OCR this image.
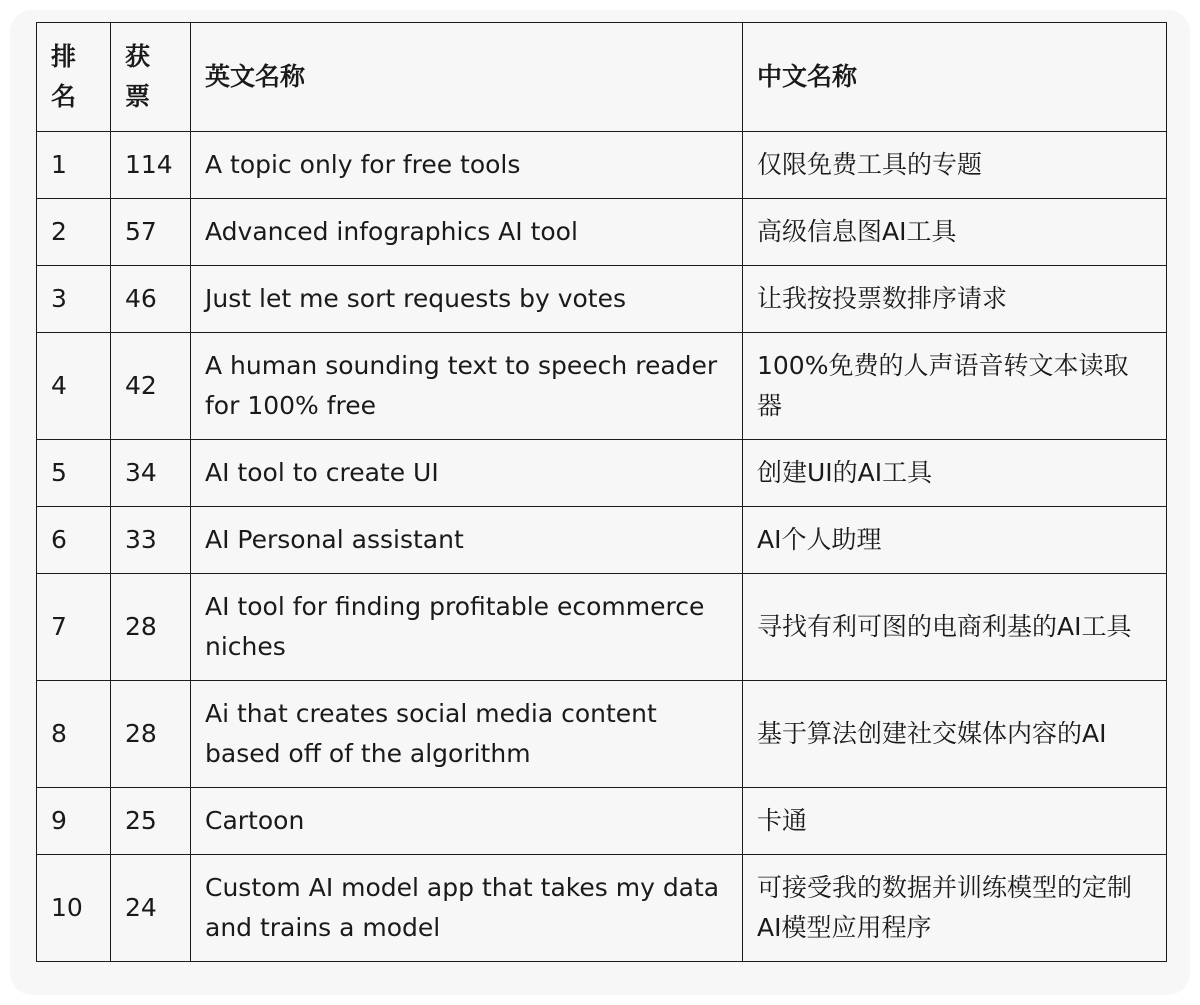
排名	获票	英文名称	中文名称
1	114	A topic only for free tools	仅限免费工具的专题
2	57	Advanced infographics AI tool	高级信息图AI工具
3	46	Just let me sort requests by votes	让我按投票数排序请求
4	42	A human sounding text to speech reader for 100% free	100%免费的人声语音转文本读取器
5	34	AI tool to create UI	创建UI的AI工具
6	33	AI Personal assistant	AI个人助理
7	28	AI tool for finding profitable ecommerce niches	寻找有利可图的电商利基的AI工具
8	28	Ai that creates social media content based off of the algorithm	基于算法创建社交媒体内容的AI
9	25	Cartoon	卡通
10	24	Custom AI model app that takes my data and trains a model	可接受我的数据并训练模型的定制AI模型应用程序
